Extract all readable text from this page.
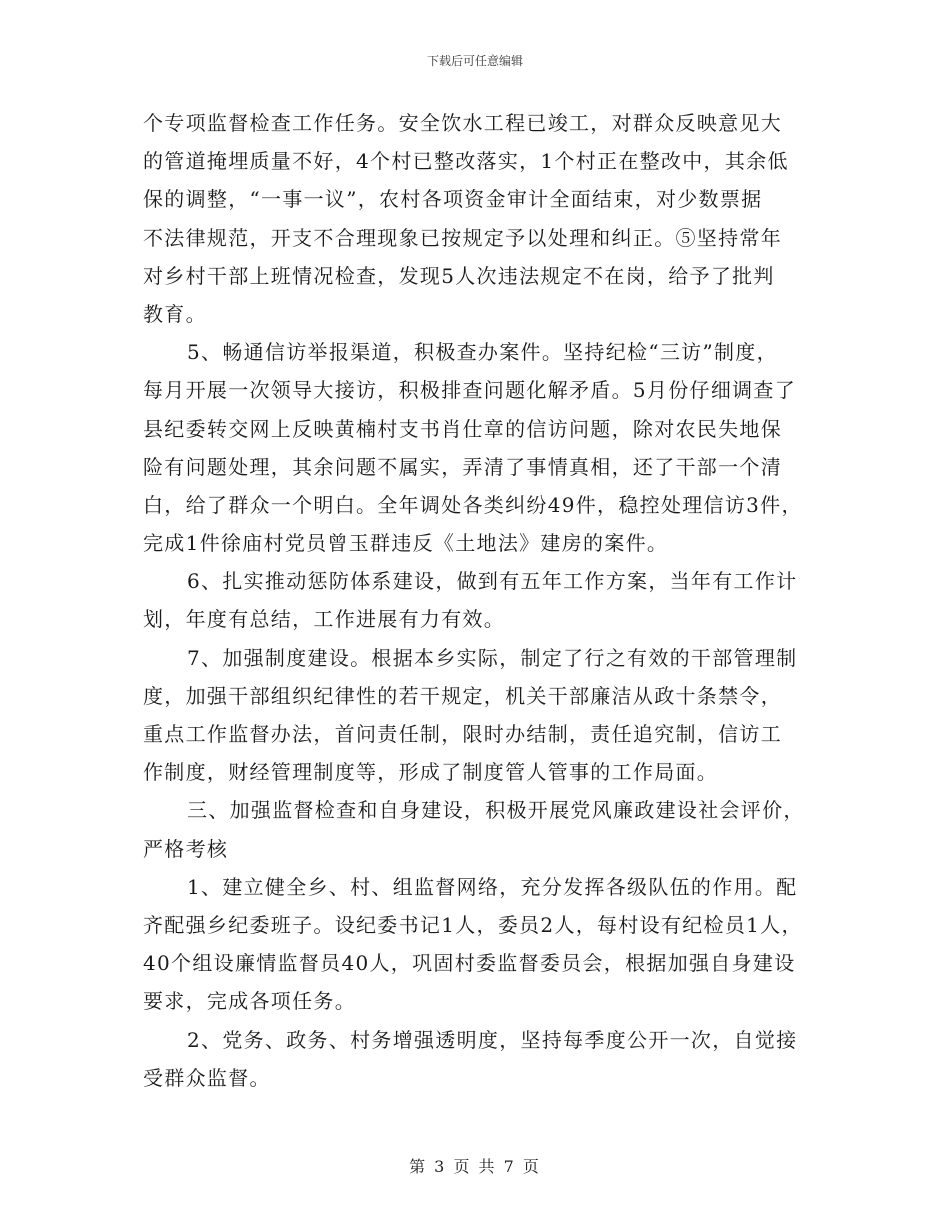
下载后可任意编辑
个专项监督检查工作任务。安全饮水工程已竣工，对群众反映意见大
的管道掩埋质量不好，4个村已整改落实，1个村正在整改中，其余低
保的调整，“一事一议”，农村各项资金审计全面结束，对少数票据
不法律规范，开支不合理现象已按规定予以处理和纠正。⑤坚持常年
对乡村干部上班情况检查，发现5人次违法规定不在岗，给予了批判
教育。
5、畅通信访举报渠道，积极查办案件。坚持纪检“三访”制度，
每月开展一次领导大接访，积极排查问题化解矛盾。5月份仔细调查了
县纪委转交网上反映黄楠村支书肖仕章的信访问题，除对农民失地保
险有问题处理，其余问题不属实，弄清了事情真相，还了干部一个清
白，给了群众一个明白。全年调处各类纠纷49件，稳控处理信访3件，
完成1件徐庙村党员曾玉群违反《土地法》建房的案件。
6、扎实推动惩防体系建设，做到有五年工作方案，当年有工作计
划，年度有总结，工作进展有力有效。
7、加强制度建设。根据本乡实际，制定了行之有效的干部管理制
度，加强干部组织纪律性的若干规定，机关干部廉洁从政十条禁令，
重点工作监督办法，首问责任制，限时办结制，责任追究制，信访工
作制度，财经管理制度等，形成了制度管人管事的工作局面。
三、加强监督检查和自身建设，积极开展党风廉政建设社会评价，
严格考核
1、建立健全乡、村、组监督网络，充分发挥各级队伍的作用。配
齐配强乡纪委班子。设纪委书记1人，委员2人，每村设有纪检员1人，
40个组设廉情监督员40人，巩固村委监督委员会，根据加强自身建设
要求，完成各项任务。
2、党务、政务、村务增强透明度，坚持每季度公开一次，自觉接
受群众监督。
第 3 页 共 7 页
